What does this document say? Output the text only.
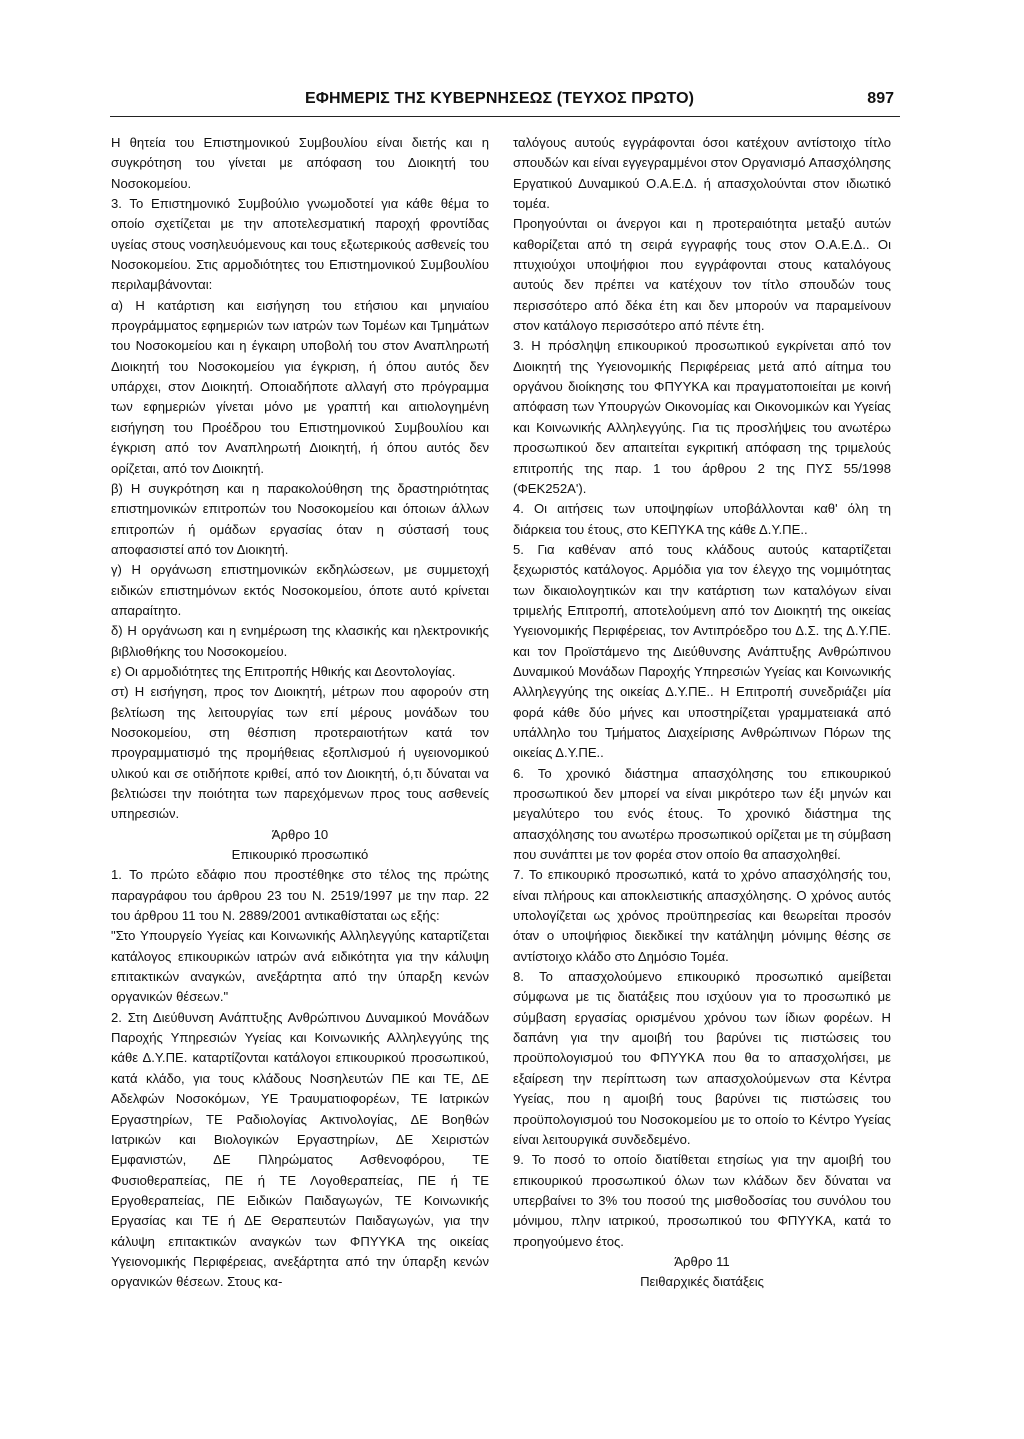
ΕΦΗΜΕΡΙΣ ΤΗΣ ΚΥΒΕΡΝΗΣΕΩΣ (ΤΕΥΧΟΣ ΠΡΩΤΟ)	897

Η θητεία του Επιστημονικού Συμβουλίου είναι διετής και η συγκρότηση του γίνεται με απόφαση του Διοικητή του Νοσοκομείου.

3. Το Επιστημονικό Συμβούλιο γνωμοδοτεί για κάθε θέμα το οποίο σχετίζεται με την αποτελεσματική παροχή φροντίδας υγείας στους νοσηλευόμενους και τους εξωτερικούς ασθενείς του Νοσοκομείου. Στις αρμοδιότητες του Επιστημονικού Συμβουλίου περιλαμβάνονται:

α) Η κατάρτιση και εισήγηση του ετήσιου και μηνιαίου προγράμματος εφημεριών των ιατρών των Τομέων και Τμημάτων του Νοσοκομείου και η έγκαιρη υποβολή του στον Αναπληρωτή Διοικητή του Νοσοκομείου για έγκριση, ή όπου αυτός δεν υπάρχει, στον Διοικητή. Οποιαδήποτε αλλαγή στο πρόγραμμα των εφημεριών γίνεται μόνο με γραπτή και αιτιολογημένη εισήγηση του Προέδρου του Επιστημονικού Συμβουλίου και έγκριση από τον Αναπληρωτή Διοικητή, ή όπου αυτός δεν ορίζεται, από τον Διοικητή.

β) Η συγκρότηση και η παρακολούθηση της δραστηριότητας επιστημονικών επιτροπών του Νοσοκομείου και όποιων άλλων επιτροπών ή ομάδων εργασίας όταν η σύστασή τους αποφασιστεί από τον Διοικητή.

γ) Η οργάνωση επιστημονικών εκδηλώσεων, με συμμετοχή ειδικών επιστημόνων εκτός Νοσοκομείου, όποτε αυτό κρίνεται απαραίτητο.

δ) Η οργάνωση και η ενημέρωση της κλασικής και ηλεκτρονικής βιβλιοθήκης του Νοσοκομείου.

ε) Οι αρμοδιότητες της Επιτροπής Ηθικής και Δεοντολογίας.

στ) Η εισήγηση, προς τον Διοικητή, μέτρων που αφορούν στη βελτίωση της λειτουργίας των επί μέρους μονάδων του Νοσοκομείου, στη θέσπιση προτεραιοτήτων κατά τον προγραμματισμό της προμήθειας εξοπλισμού ή υγειονομικού υλικού και σε οτιδήποτε κριθεί, από τον Διοικητή, ό,τι δύναται να βελτιώσει την ποιότητα των παρεχόμενων προς τους ασθενείς υπηρεσιών.

Άρθρο 10

Επικουρικό προσωπικό

1. Το πρώτο εδάφιο που προστέθηκε στο τέλος της πρώτης παραγράφου του άρθρου 23 του Ν. 2519/1997 με την παρ. 22 του άρθρου 11 του Ν. 2889/2001 αντικαθίσταται ως εξής:

"Στο Υπουργείο Υγείας και Κοινωνικής Αλληλεγγύης καταρτίζεται κατάλογος επικουρικών ιατρών ανά ειδικότητα για την κάλυψη επιτακτικών αναγκών, ανεξάρτητα από την ύπαρξη κενών οργανικών θέσεων."

2. Στη Διεύθυνση Ανάπτυξης Ανθρώπινου Δυναμικού Μονάδων Παροχής Υπηρεσιών Υγείας και Κοινωνικής Αλληλεγγύης της κάθε Δ.Υ.ΠΕ. καταρτίζονται κατάλογοι επικουρικού προσωπικού, κατά κλάδο, για τους κλάδους Νοσηλευτών ΠΕ και ΤΕ, ΔΕ Αδελφών Νοσοκόμων, ΥΕ Τραυματιοφορέων, ΤΕ Ιατρικών Εργαστηρίων, ΤΕ Ραδιολογίας Ακτινολογίας, ΔΕ Βοηθών Ιατρικών και Βιολογικών Εργαστηρίων, ΔΕ Χειριστών Εμφανιστών, ΔΕ Πληρώματος Ασθενοφόρου, ΤΕ Φυσιοθεραπείας, ΠΕ ή ΤΕ Λογοθεραπείας, ΠΕ ή ΤΕ Εργοθεραπείας, ΠΕ Ειδικών Παιδαγωγών, ΤΕ Κοινωνικής Εργασίας και ΤΕ ή ΔΕ Θεραπευτών Παιδαγωγών, για την κάλυψη επιτακτικών αναγκών των ΦΠΥΥΚΑ της οικείας Υγειονομικής Περιφέρειας, ανεξάρτητα από την ύπαρξη κενών οργανικών θέσεων. Στους κα-

ταλόγους αυτούς εγγράφονται όσοι κατέχουν αντίστοιχο τίτλο σπουδών και είναι εγγεγραμμένοι στον Οργανισμό Απασχόλησης Εργατικού Δυναμικού Ο.Α.Ε.Δ. ή απασχολούνται στον ιδιωτικό τομέα.

Προηγούνται οι άνεργοι και η προτεραιότητα μεταξύ αυτών καθορίζεται από τη σειρά εγγραφής τους στον Ο.Α.Ε.Δ.. Οι πτυχιούχοι υποψήφιοι που εγγράφονται στους καταλόγους αυτούς δεν πρέπει να κατέχουν τον τίτλο σπουδών τους περισσότερο από δέκα έτη και δεν μπορούν να παραμείνουν στον κατάλογο περισσότερο από πέντε έτη.

3. Η πρόσληψη επικουρικού προσωπικού εγκρίνεται από τον Διοικητή της Υγειονομικής Περιφέρειας μετά από αίτημα του οργάνου διοίκησης του ΦΠΥΥΚΑ και πραγματοποιείται με κοινή απόφαση των Υπουργών Οικονομίας και Οικονομικών και Υγείας και Κοινωνικής Αλληλεγγύης. Για τις προσλήψεις του ανωτέρω προσωπικού δεν απαιτείται εγκριτική απόφαση της τριμελούς επιτροπής της παρ. 1 του άρθρου 2 της ΠΥΣ 55/1998 (ΦΕΚ252Α').

4. Οι αιτήσεις των υποψηφίων υποβάλλονται καθ' όλη τη διάρκεια του έτους, στο ΚΕΠΥΚΑ της κάθε Δ.Υ.ΠΕ..

5. Για καθέναν από τους κλάδους αυτούς καταρτίζεται ξεχωριστός κατάλογος. Αρμόδια για τον έλεγχο της νομιμότητας των δικαιολογητικών και την κατάρτιση των καταλόγων είναι τριμελής Επιτροπή, αποτελούμενη από τον Διοικητή της οικείας Υγειονομικής Περιφέρειας, τον Αντιπρόεδρο του Δ.Σ. της Δ.Υ.ΠΕ. και τον Προϊστάμενο της Διεύθυνσης Ανάπτυξης Ανθρώπινου Δυναμικού Μονάδων Παροχής Υπηρεσιών Υγείας και Κοινωνικής Αλληλεγγύης της οικείας Δ.Υ.ΠΕ.. Η Επιτροπή συνεδριάζει μία φορά κάθε δύο μήνες και υποστηρίζεται γραμματειακά από υπάλληλο του Τμήματος Διαχείρισης Ανθρώπινων Πόρων της οικείας Δ.Υ.ΠΕ..

6. Το χρονικό διάστημα απασχόλησης του επικουρικού προσωπικού δεν μπορεί να είναι μικρότερο των έξι μηνών και μεγαλύτερο του ενός έτους. Το χρονικό διάστημα της απασχόλησης του ανωτέρω προσωπικού ορίζεται με τη σύμβαση που συνάπτει με τον φορέα στον οποίο θα απασχοληθεί.

7. Το επικουρικό προσωπικό, κατά το χρόνο απασχόλησής του, είναι πλήρους και αποκλειστικής απασχόλησης. Ο χρόνος αυτός υπολογίζεται ως χρόνος προϋπηρεσίας και θεωρείται προσόν όταν ο υποψήφιος διεκδικεί την κατάληψη μόνιμης θέσης σε αντίστοιχο κλάδο στο Δημόσιο Τομέα.

8. Το απασχολούμενο επικουρικό προσωπικό αμείβεται σύμφωνα με τις διατάξεις που ισχύουν για το προσωπικό με σύμβαση εργασίας ορισμένου χρόνου των ίδιων φορέων. Η δαπάνη για την αμοιβή του βαρύνει τις πιστώσεις του προϋπολογισμού του ΦΠΥΥΚΑ που θα το απασχολήσει, με εξαίρεση την περίπτωση των απασχολούμενων στα Κέντρα Υγείας, που η αμοιβή τους βαρύνει τις πιστώσεις του προϋπολογισμού του Νοσοκομείου με το οποίο το Κέντρο Υγείας είναι λειτουργικά συνδεδεμένο.

9. Το ποσό το οποίο διατίθεται ετησίως για την αμοιβή του επικουρικού προσωπικού όλων των κλάδων δεν δύναται να υπερβαίνει το 3% του ποσού της μισθοδοσίας του συνόλου του μόνιμου, πλην ιατρικού, προσωπικού του ΦΠΥΥΚΑ, κατά το προηγούμενο έτος.

Άρθρο 11

Πειθαρχικές διατάξεις
